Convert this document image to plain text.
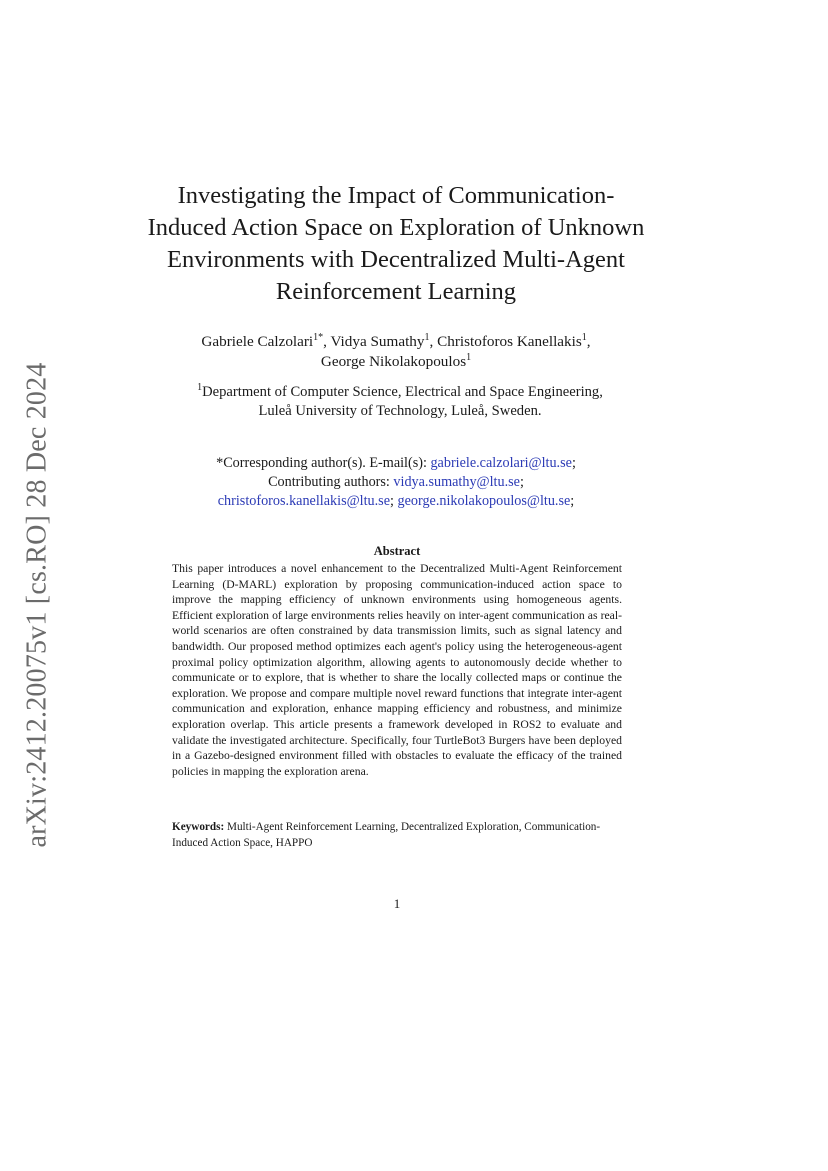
arXiv:2412.20075v1 [cs.RO] 28 Dec 2024
Investigating the Impact of Communication-Induced Action Space on Exploration of Unknown Environments with Decentralized Multi-Agent Reinforcement Learning
Gabriele Calzolari$^{1*}$, Vidya Sumathy$^1$, Christoforos Kanellakis$^1$,
George Nikolakopoulos$^1$
$^1$Department of Computer Science, Electrical and Space Engineering,
Luleå University of Technology, Luleå, Sweden.
*Corresponding author(s). E-mail(s): gabriele.calzolari@ltu.se;
Contributing authors: vidya.sumathy@ltu.se;
christoforos.kanellakis@ltu.se; george.nikolakopoulos@ltu.se;
Abstract

This paper introduces a novel enhancement to the Decentralized Multi-Agent Reinforcement Learning (D-MARL) exploration by proposing communication-induced action space to improve the mapping efficiency of unknown environments using homogeneous agents. Efficient exploration of large environments relies heavily on inter-agent communication as real-world scenarios are often constrained by data transmission limits, such as signal latency and bandwidth. Our proposed method optimizes each agent's policy using the heterogeneous-agent proximal policy optimization algorithm, allowing agents to autonomously decide whether to communicate or to explore, that is whether to share the locally collected maps or continue the exploration. We propose and compare multiple novel reward functions that integrate inter-agent communication and exploration, enhance mapping efficiency and robustness, and minimize exploration overlap. This article presents a framework developed in ROS2 to evaluate and validate the investigated architecture. Specifically, four TurtleBot3 Burgers have been deployed in a Gazebo-designed environment filled with obstacles to evaluate the efficacy of the trained policies in mapping the exploration arena.

Keywords: Multi-Agent Reinforcement Learning, Decentralized Exploration, Communication-Induced Action Space, HAPPO

1
